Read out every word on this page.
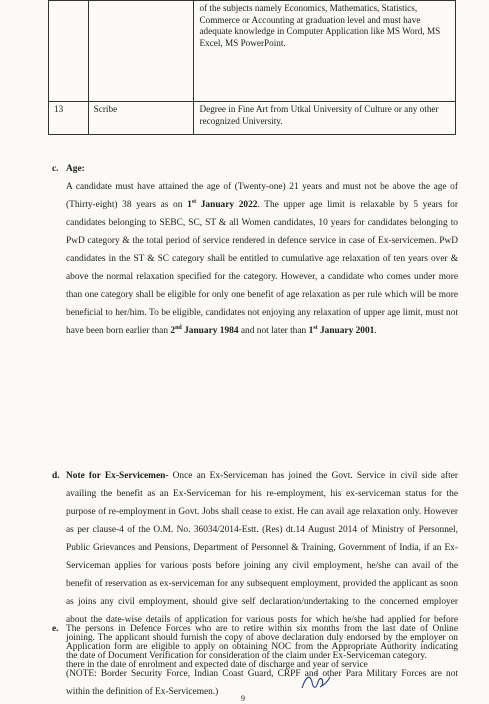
		of the subjects namely Economics, Mathematics, Statistics, Commerce or Accounting at graduation level and must have adequate knowledge in Computer Application like MS Word, MS Excel, MS PowerPoint.
13	Scribe	Degree in Fine Art from Utkal University of Culture or any other recognized University.
c. Age:

A candidate must have attained the age of (Twenty-one) 21 years and must not be above the age of (Thirty-eight) 38 years as on 1st January 2022. The upper age limit is relaxable by 5 years for candidates belonging to SEBC, SC, ST & all Women candidates, 10 years for candidates belonging to PwD category & the total period of service rendered in defence service in case of Ex-servicemen. PwD candidates in the ST & SC category shall be entitled to cumulative age relaxation of ten years over & above the normal relaxation specified for the category. However, a candidate who comes under more than one category shall be eligible for only one benefit of age relaxation as per rule which will be more beneficial to her/him. To be eligible, candidates not enjoying any relaxation of upper age limit, must not have been born earlier than 2nd January 1984 and not later than 1st January 2001.

d. Note for Ex-Servicemen- Once an Ex-Serviceman has joined the Govt. Service in civil side after availing the benefit as an Ex-Serviceman for his re-employment, his ex-serviceman status for the purpose of re-employment in Govt. Jobs shall cease to exist. He can avail age relaxation only. However as per clause-4 of the O.M. No. 36034/2014-Estt. (Res) dt.14 August 2014 of Ministry of Personnel, Public Grievances and Pensions, Department of Personnel & Training, Government of India, if an Ex-Serviceman applies for various posts before joining any civil employment, he/she can avail of the benefit of reservation as ex-serviceman for any subsequent employment, provided the applicant as soon as joins any civil employment, should give self declaration/undertaking to the concerned employer about the date-wise details of application for various posts for which he/she had applied for before joining. The applicant should furnish the copy of above declaration duly endorsed by the employer on the date of Document Verification for consideration of the claim under Ex-Serviceman category.

(NOTE: Border Security Force, Indian Coast Guard, CRPF and other Para Military Forces are not within the definition of Ex-Servicemen.)

e. The persons in Defence Forces who are to retire within six months from the last date of Online Application form are eligible to apply on obtaining NOC from the Appropriate Authority indicating there in the date of enrolment and expected date of discharge and year of service

9
